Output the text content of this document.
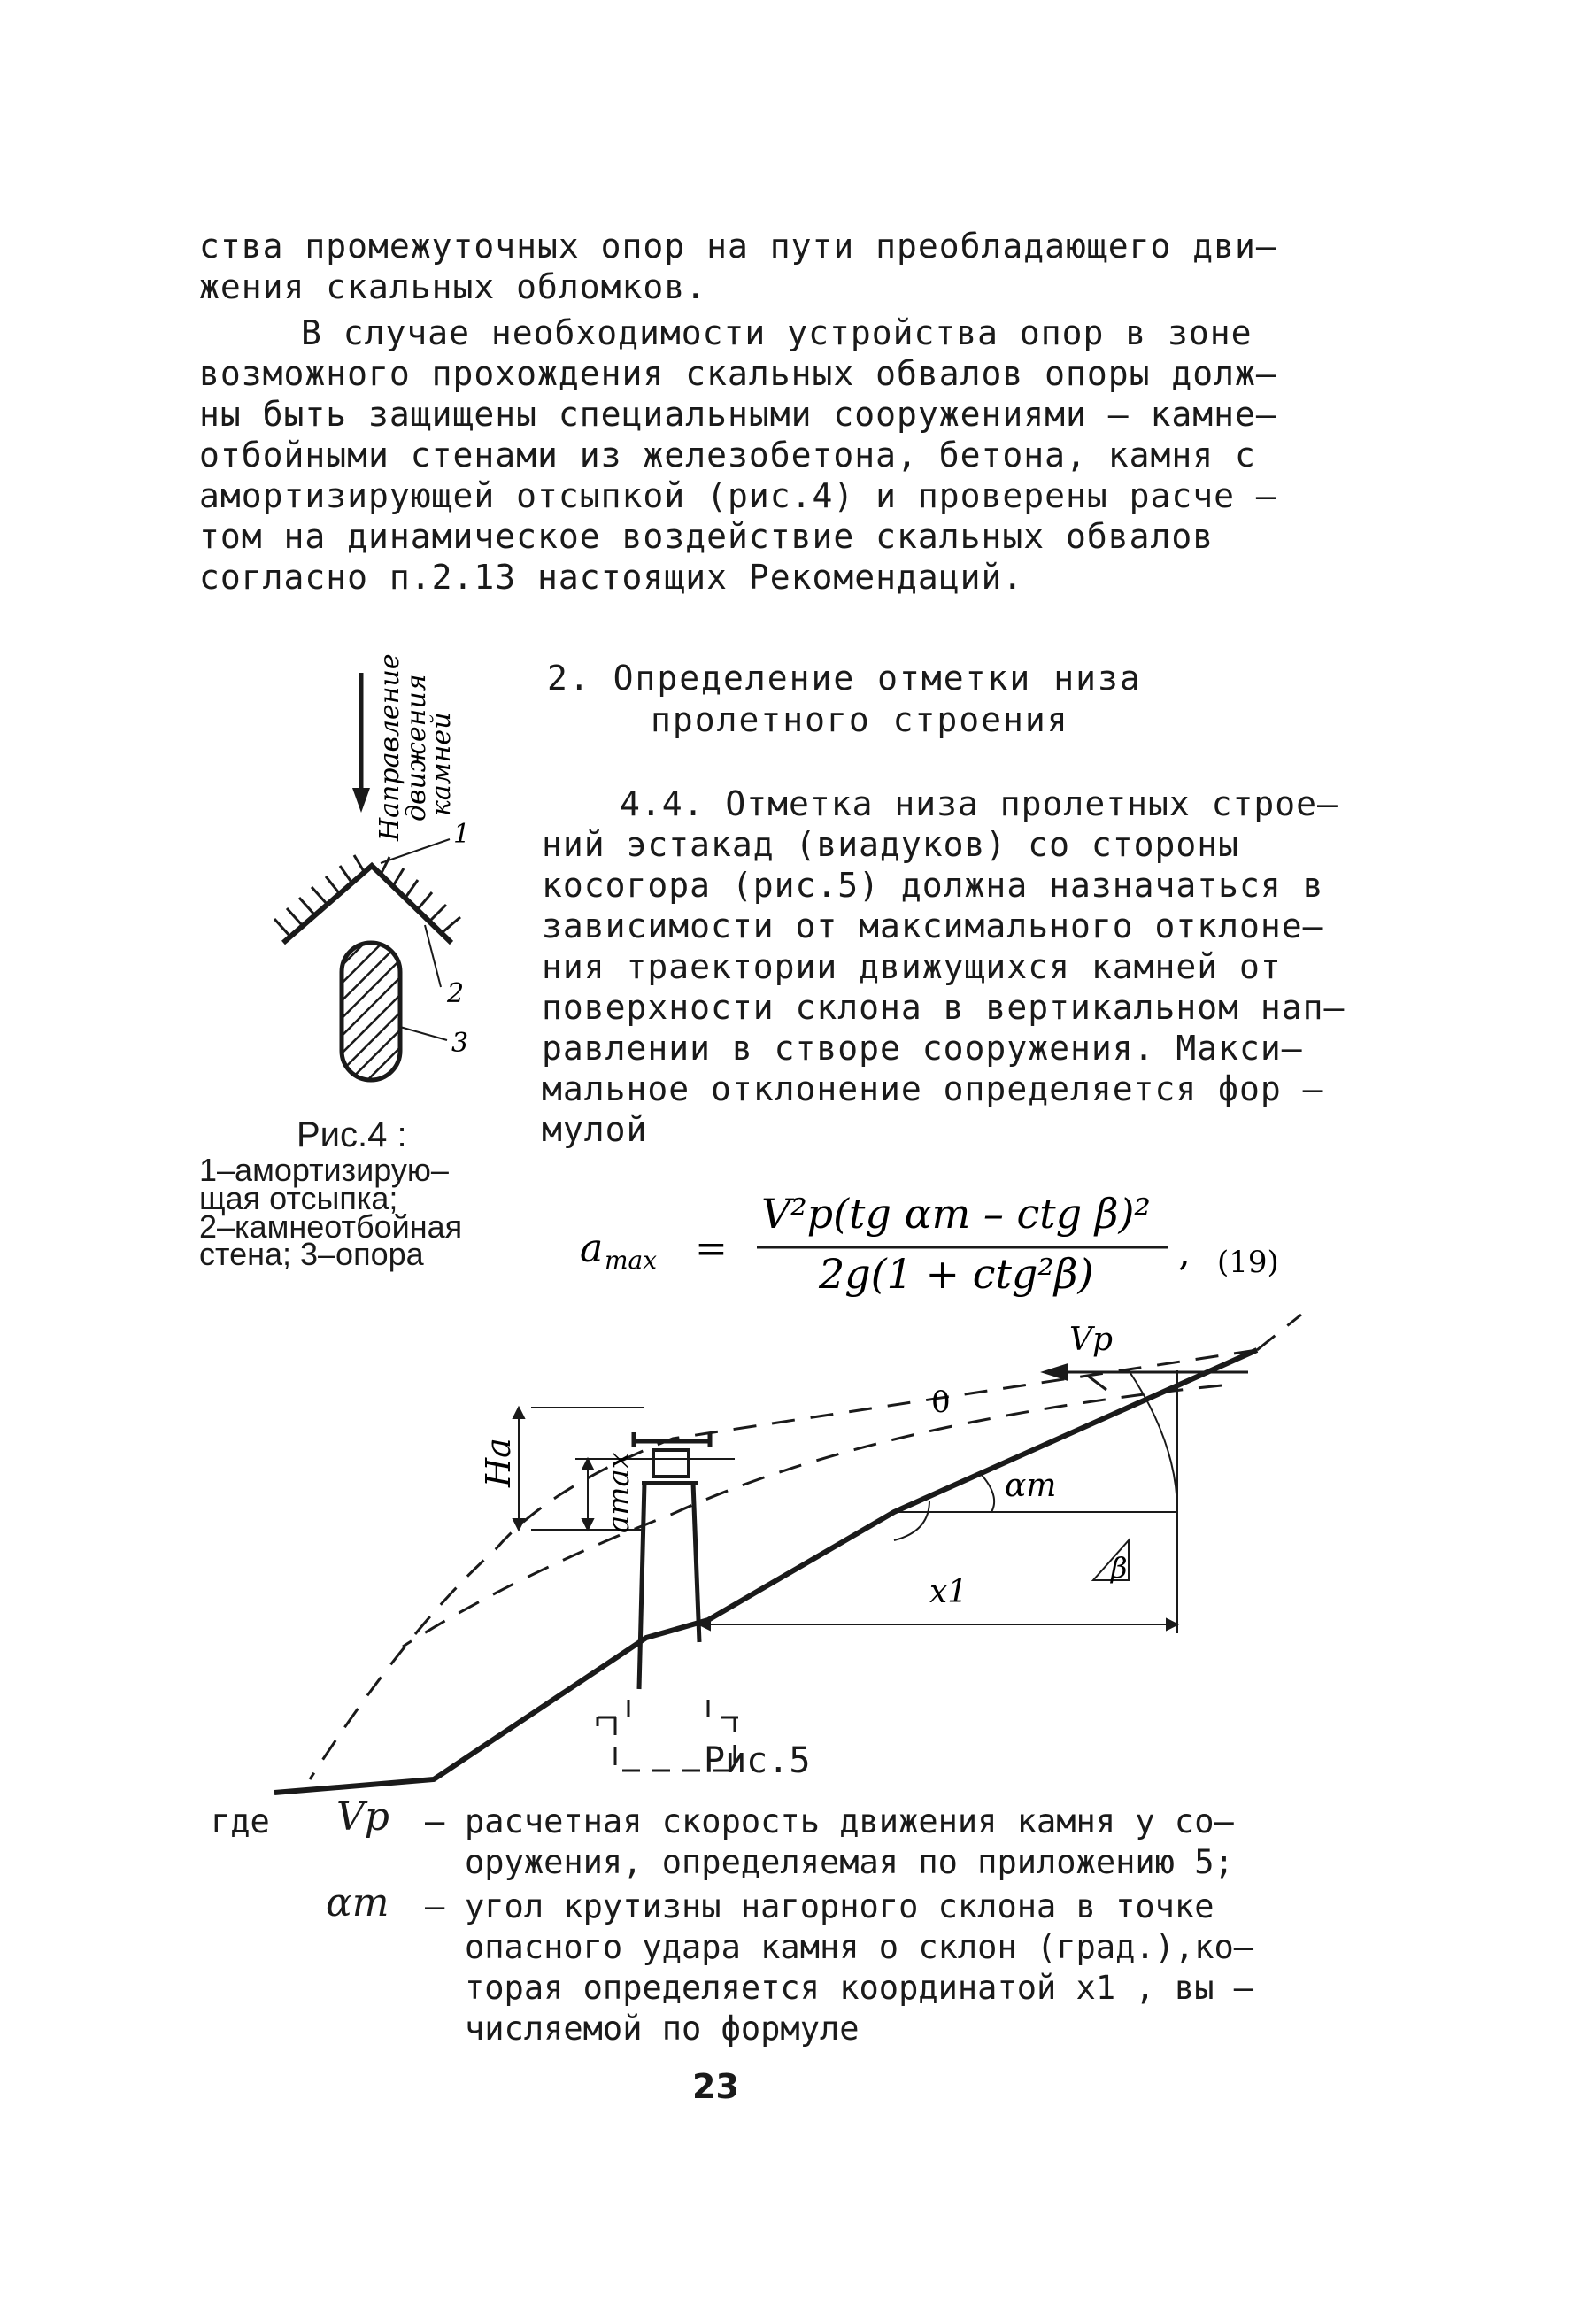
ства промежуточных опор на пути преобладающего дви–
жения скальных обломков.
В случае необходимости устройства опор в зоне
возможного прохождения скальных обвалов опоры долж–
ны быть защищены специальными сооружениями – камне–
отбойными стенами из железобетона, бетона, камня с
амортизирующей отсыпкой (рис.4) и проверены расче –
том на динамическое воздействие скальных обвалов
согласно п.2.13 настоящих Рекомендаций.
Направление
движения
камней
1
2
3
Рис.4 :
1–амортизирую–
щая отсыпка;
2–камнеотбойная
стена; 3–опора
2. Определение отметки низа
пролетного строения
4.4. Отметка низа пролетных строе–
ний эстакад (виадуков) со стороны
косогора (рис.5) должна назначаться в
зависимости от максимального отклоне–
ния траектории движущихся камней от
поверхности склона в вертикальном нап–
равлении в створе сооружения. Макси–
мальное отклонение определяется фор –
мулой
a max =
V²p(tg αm – ctg β)²
2g(1 + ctg²β) , (19)
Ha	amax
x1
Vp
0
αm
β
Рис.5
где Vp – расчетная скорость движения камня у со–
оружения, определяемая по приложению 5;
αm – угол крутизны нагорного склона в точке
опасного удара камня о склон (град.),ко–
торая определяется координатой x1 , вы –
числяемой по формуле
23
